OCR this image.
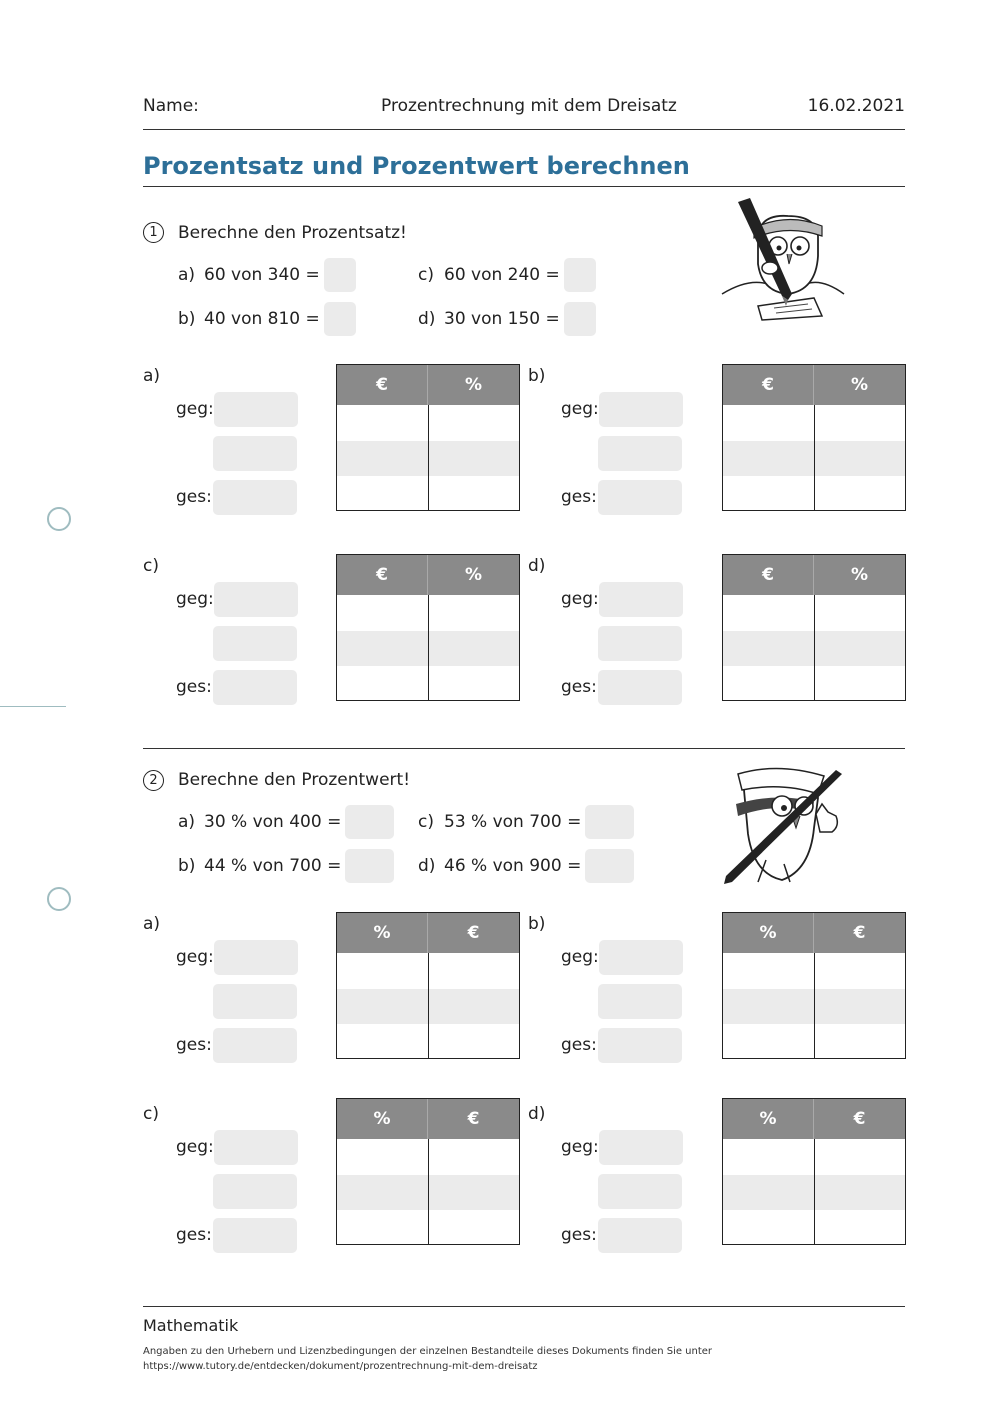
Name:	Prozentrechnung mit dem Dreisatz	16.02.2021
Prozentsatz und Prozentwert berechnen
1	Berechne den Prozentsatz!
a) 60 von 340 =
b) 40 von 810 =
c) 60 von 240 =
d) 30 von 150 =
a)
geg:
ges:
€	%	b)
geg:
ges:
€	%
c)
geg:
ges:
€	%	d)
geg:
ges:
€	%
2	Berechne den Prozentwert!
a) 30 % von 400 =
b) 44 % von 700 =
c) 53 % von 700 =
d) 46 % von 900 =
a)
geg:
ges:
%	€	b)
geg:
ges:
%	€
c)
geg:
ges:
%	€	d)
geg:
ges:
%	€
Mathematik
Angaben zu den Urhebern und Lizenzbedingungen der einzelnen Bestandteile dieses Dokuments finden Sie unter
https://www.tutory.de/entdecken/dokument/prozentrechnung-mit-dem-dreisatz
